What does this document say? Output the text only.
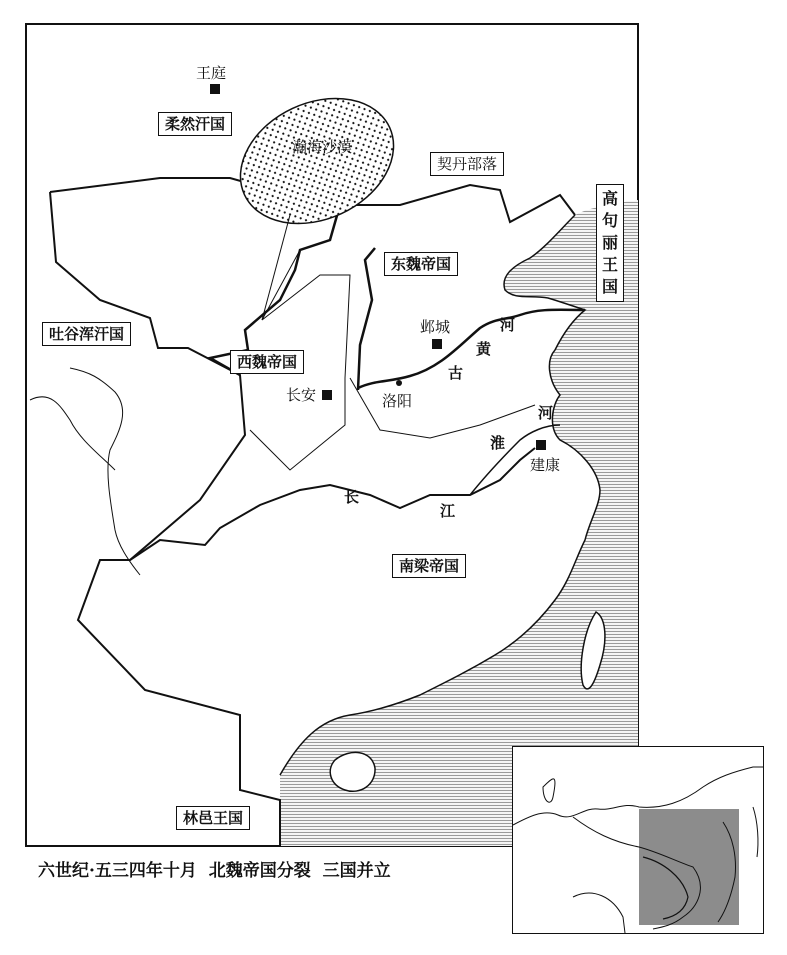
王庭
柔然汗国
瀚海沙漠
契丹部落
高
句
丽
王
国
东魏帝国
吐谷浑汗国
西魏帝国
邺城
长安	洛阳
建康
河
黄
古
河
淮
长
江
南梁帝国
林邑王国
六世纪·五三四年十月  北魏帝国分裂  三国并立
